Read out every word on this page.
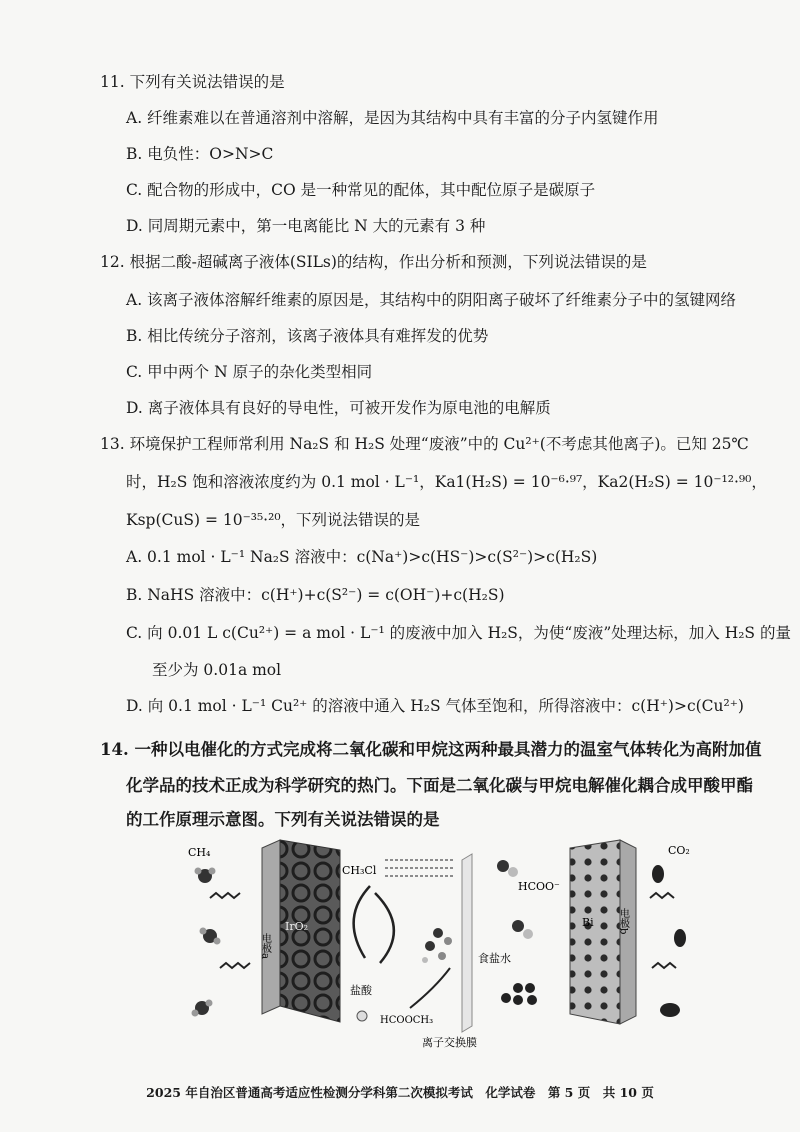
11. 下列有关说法错误的是
A. 纤维素难以在普通溶剂中溶解，是因为其结构中具有丰富的分子内氢键作用
B. 电负性：O>N>C
C. 配合物的形成中，CO 是一种常见的配体，其中配位原子是碳原子
D. 同周期元素中，第一电离能比 N 大的元素有 3 种
12. 根据二酸-超碱离子液体(SILs)的结构，作出分析和预测，下列说法错误的是
A. 该离子液体溶解纤维素的原因是，其结构中的阴阳离子破坏了纤维素分子中的氢键网络
B. 相比传统分子溶剂，该离子液体具有难挥发的优势
C. 甲中两个 N 原子的杂化类型相同
D. 离子液体具有良好的导电性，可被开发作为原电池的电解质
13. 环境保护工程师常利用 Na₂S 和 H₂S 处理“废液”中的 Cu²⁺(不考虑其他离子)。已知 25℃
时，H₂S 饱和溶液浓度约为 0.1 mol · L⁻¹，Ka1(H₂S) = 10⁻⁶·⁹⁷，Ka2(H₂S) = 10⁻¹²·⁹⁰，
Ksp(CuS) = 10⁻³⁵·²⁰，下列说法错误的是
A. 0.1 mol · L⁻¹ Na₂S 溶液中：c(Na⁺)>c(HS⁻)>c(S²⁻)>c(H₂S)
B. NaHS 溶液中：c(H⁺)+c(S²⁻) = c(OH⁻)+c(H₂S)
C. 向 0.01 L c(Cu²⁺) = a mol · L⁻¹ 的废液中加入 H₂S，为使“废液”处理达标，加入 H₂S 的量
至少为 0.01a mol
D. 向 0.1 mol · L⁻¹ Cu²⁺ 的溶液中通入 H₂S 气体至饱和，所得溶液中：c(H⁺)>c(Cu²⁺)
14. 一种以电催化的方式完成将二氧化碳和甲烷这两种最具潜力的温室气体转化为高附加值
化学品的技术正成为科学研究的热门。下面是二氧化碳与甲烷电解催化耦合成甲酸甲酯
的工作原理示意图。下列有关说法错误的是
CH₄
电极a
IrO₂
CH₃Cl
盐酸
HCOOCH₃
离子交换膜
HCOO⁻
食盐水
Bi 电极b
CO₂
2025 年自治区普通高考适应性检测分学科第二次模拟考试　化学试卷　第 5 页　共 10 页
